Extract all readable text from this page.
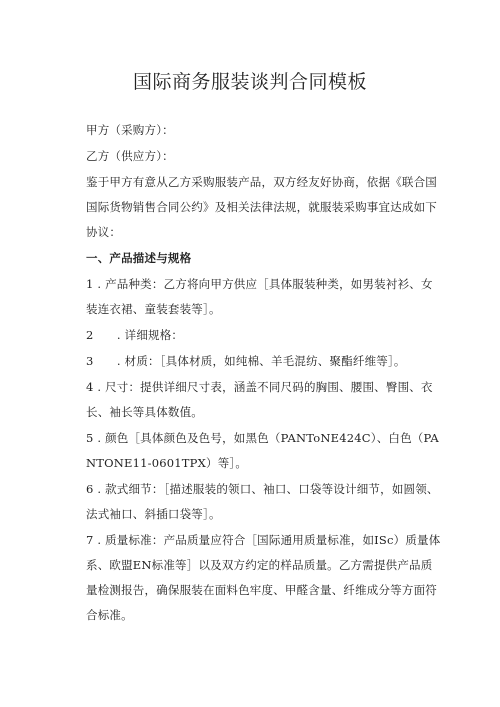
国际商务服装谈判合同模板

甲方（采购方）：

乙方（供应方）：

鉴于甲方有意从乙方采购服装产品，双方经友好协商，依据《联合国国际货物销售合同公约》及相关法律法规，就服装采购事宜达成如下协议：

一、产品描述与规格

1 . 产品种类：乙方将向甲方供应［具体服装种类，如男装衬衫、女装连衣裙、童装套装等］。

2　　. 详细规格：

3　　. 材质：［具体材质，如纯棉、羊毛混纺、聚酯纤维等］。

4 . 尺寸：提供详细尺寸表，涵盖不同尺码的胸围、腰围、臀围、衣长、袖长等具体数值。

5 . 颜色［具体颜色及色号，如黑色（PANToNE424C）、白色（PANTONE11-0601TPX）等］。

6 . 款式细节：［描述服装的领口、袖口、口袋等设计细节，如圆领、法式袖口、斜插口袋等］。

7 . 质量标准：产品质量应符合［国际通用质量标准，如ISc）质量体系、欧盟EN标准等］以及双方约定的样品质量。乙方需提供产品质量检测报告，确保服装在面料色牢度、甲醛含量、纤维成分等方面符合标准。
